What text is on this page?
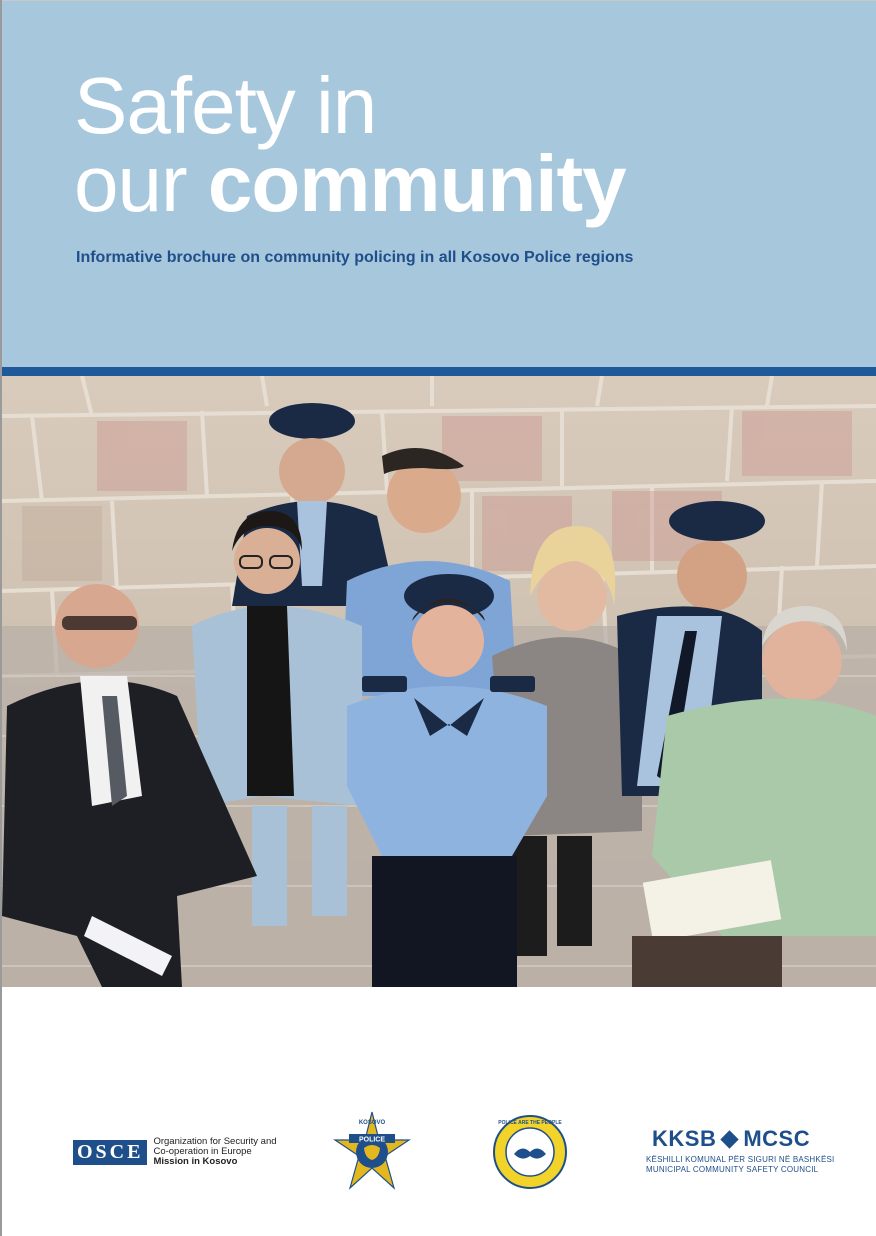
Safety in
our community

Informative brochure on community policing in all Kosovo Police regions

OSCE	Organization for Security and
Co-operation in Europe
Mission in Kosovo
POLICE
KOSOVO	POLICE ARE THE PEOPLE
KKSB MCSC
KËSHILLI KOMUNAL PËR SIGURI NË BASHKËSI
MUNICIPAL COMMUNITY SAFETY COUNCIL
